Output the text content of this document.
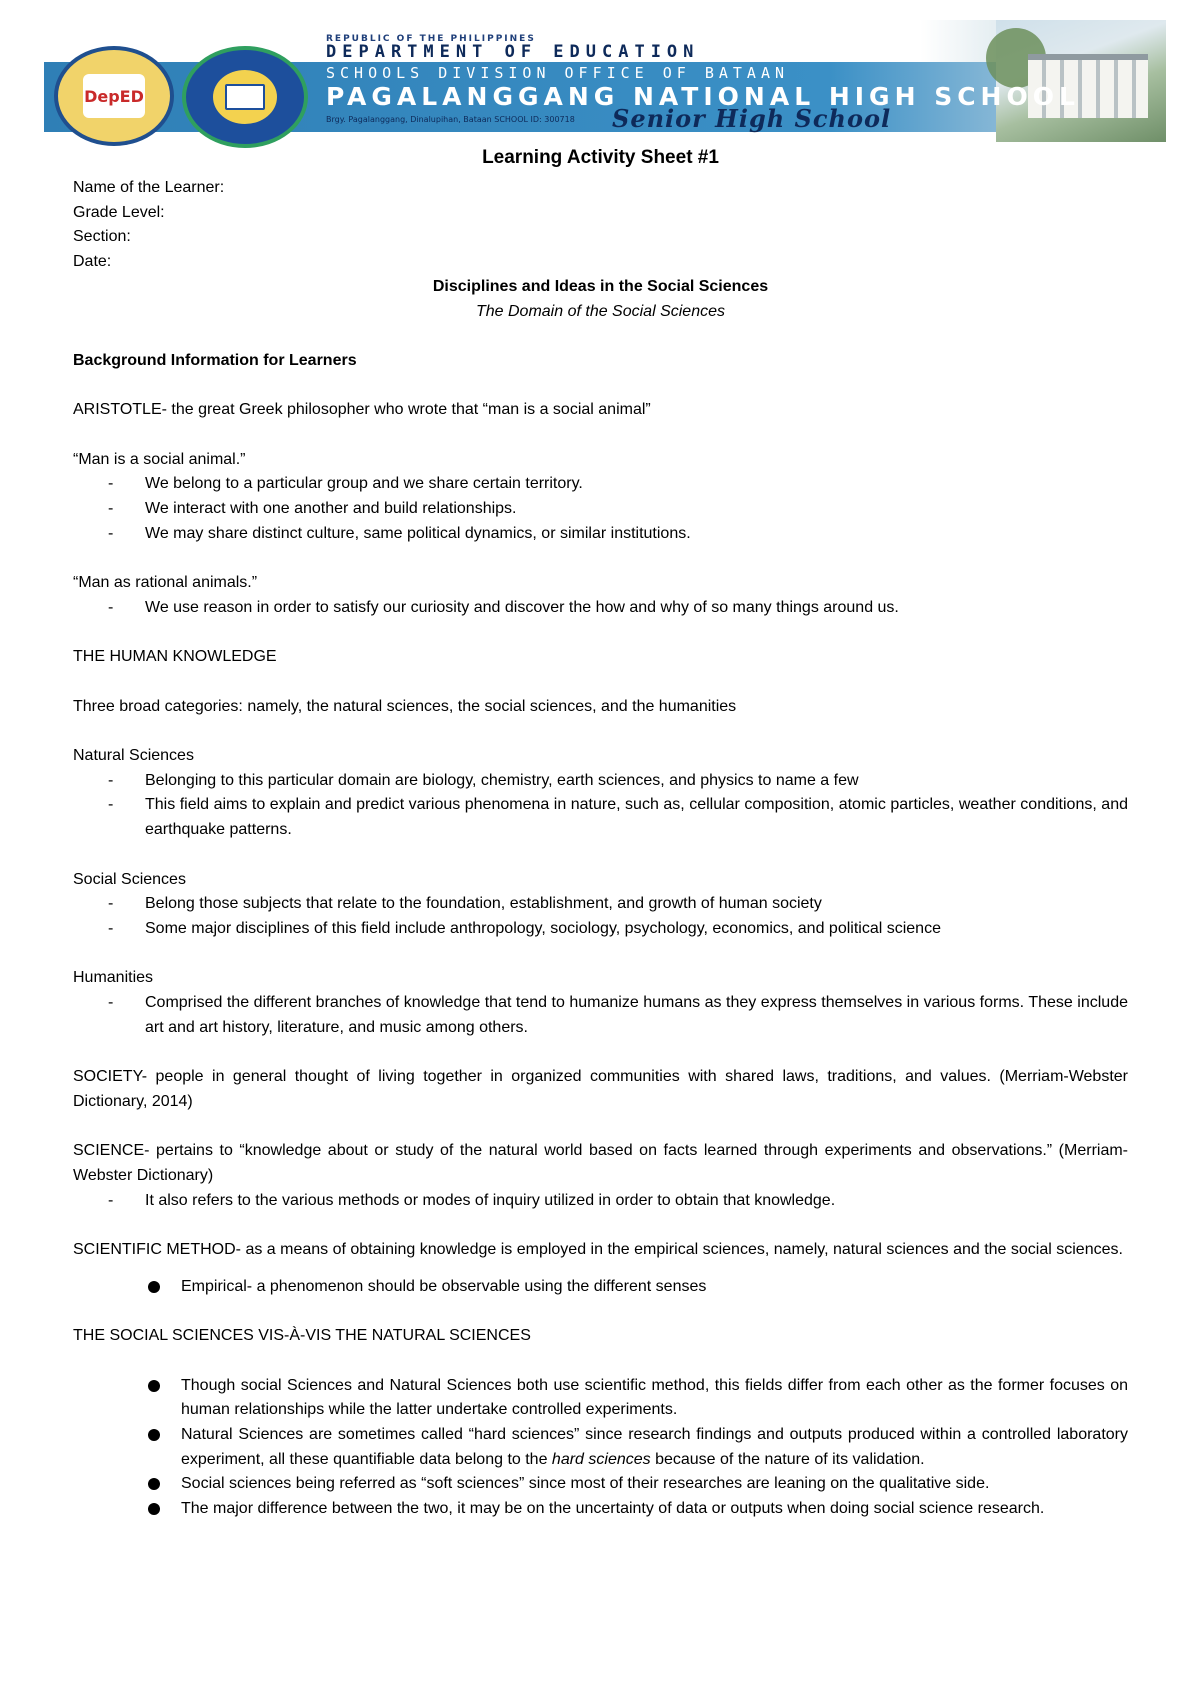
DepED
REPUBLIC OF THE PHILIPPINES
DEPARTMENT OF EDUCATION
SCHOOLS DIVISION OFFICE OF BATAAN
PAGALANGGANG NATIONAL HIGH SCHOOL
Brgy. Pagalanggang, Dinalupihan, Bataan SCHOOL ID: 300718 Senior High School
Learning Activity Sheet #1
Name of the Learner:
Grade Level:
Section:
Date:
Disciplines and Ideas in the Social Sciences
The Domain of the Social Sciences

Background Information for Learners

ARISTOTLE- the great Greek philosopher who wrote that “man is a social animal”

“Man is a social animal.”

- We belong to a particular group and we share certain territory.
- We interact with one another and build relationships.
- We may share distinct culture, same political dynamics, or similar institutions.

“Man as rational animals.”

- We use reason in order to satisfy our curiosity and discover the how and why of so many things around us.

THE HUMAN KNOWLEDGE

Three broad categories: namely, the natural sciences, the social sciences, and the humanities

Natural Sciences

- Belonging to this particular domain are biology, chemistry, earth sciences, and physics to name a few
- This field aims to explain and predict various phenomena in nature, such as, cellular composition, atomic particles, weather conditions, and earthquake patterns.

Social Sciences

- Belong those subjects that relate to the foundation, establishment, and growth of human society
- Some major disciplines of this field include anthropology, sociology, psychology, economics, and political science

Humanities

- Comprised the different branches of knowledge that tend to humanize humans as they express themselves in various forms. These include art and art history, literature, and music among others.

SOCIETY- people in general thought of living together in organized communities with shared laws, traditions, and values. (Merriam-Webster Dictionary, 2014)

SCIENCE- pertains to “knowledge about or study of the natural world based on facts learned through experiments and observations.” (Merriam-Webster Dictionary)

- It also refers to the various methods or modes of inquiry utilized in order to obtain that knowledge.

SCIENTIFIC METHOD- as a means of obtaining knowledge is employed in the empirical sciences, namely, natural sciences and the social sciences.

Empirical- a phenomenon should be observable using the different senses

THE SOCIAL SCIENCES VIS-À-VIS THE NATURAL SCIENCES

Though social Sciences and Natural Sciences both use scientific method, this fields differ from each other as the former focuses on human relationships while the latter undertake controlled experiments.
Natural Sciences are sometimes called “hard sciences” since research findings and outputs produced within a controlled laboratory experiment, all these quantifiable data belong to the hard sciences because of the nature of its validation.
Social sciences being referred as “soft sciences” since most of their researches are leaning on the qualitative side.
The major difference between the two, it may be on the uncertainty of data or outputs when doing social science research.
